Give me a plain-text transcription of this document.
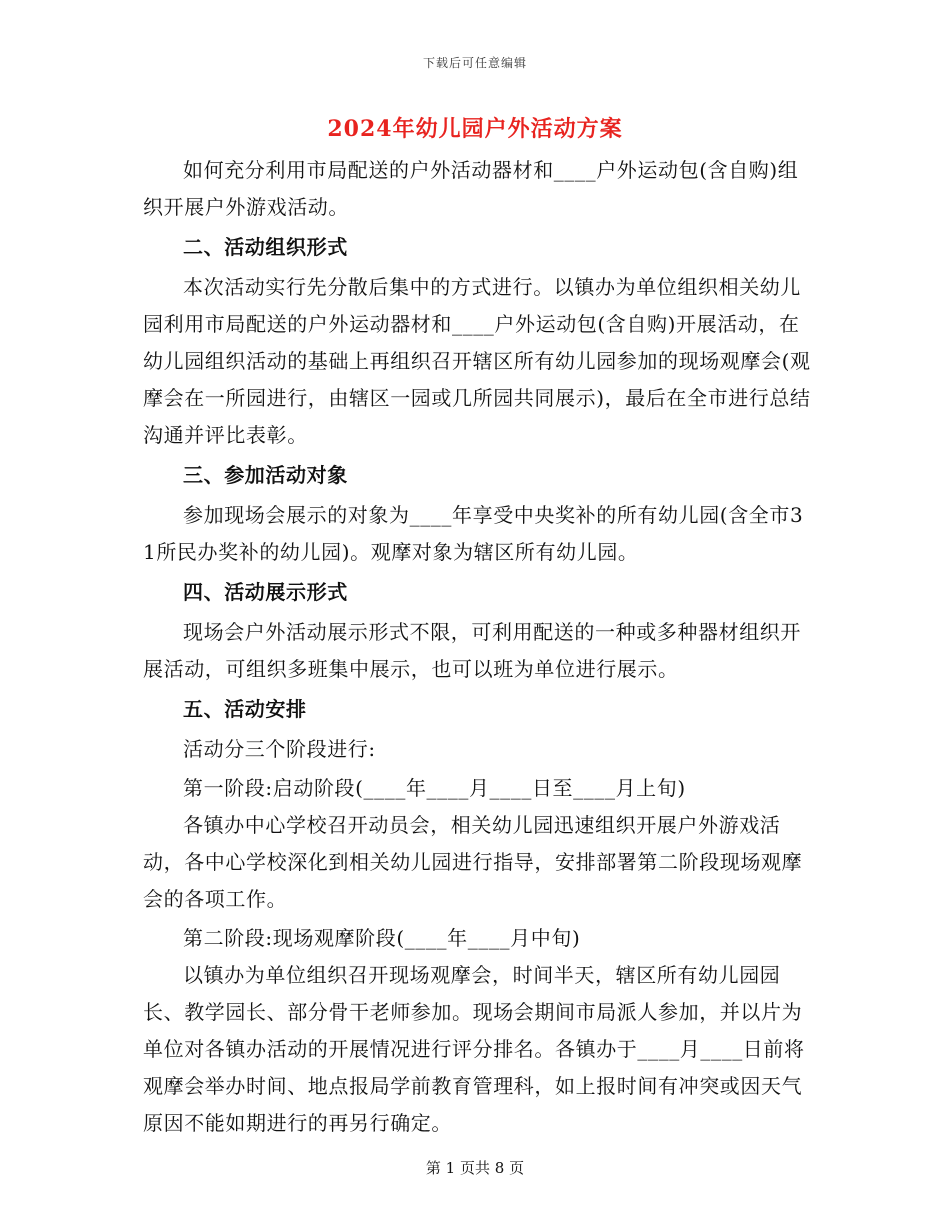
下载后可任意编辑
2024年幼儿园户外活动方案

如何充分利用市局配送的户外活动器材和____户外运动包(含自购)组织开展户外游戏活动。

二、活动组织形式

本次活动实行先分散后集中的方式进行。以镇办为单位组织相关幼儿园利用市局配送的户外运动器材和____户外运动包(含自购)开展活动，在幼儿园组织活动的基础上再组织召开辖区所有幼儿园参加的现场观摩会(观摩会在一所园进行，由辖区一园或几所园共同展示)，最后在全市进行总结沟通并评比表彰。

三、参加活动对象

参加现场会展示的对象为____年享受中央奖补的所有幼儿园(含全市31所民办奖补的幼儿园)。观摩对象为辖区所有幼儿园。

四、活动展示形式

现场会户外活动展示形式不限，可利用配送的一种或多种器材组织开展活动，可组织多班集中展示，也可以班为单位进行展示。

五、活动安排

活动分三个阶段进行:

第一阶段:启动阶段(____年____月____日至____月上旬)

各镇办中心学校召开动员会，相关幼儿园迅速组织开展户外游戏活动，各中心学校深化到相关幼儿园进行指导，安排部署第二阶段现场观摩会的各项工作。

第二阶段:现场观摩阶段(____年____月中旬)

以镇办为单位组织召开现场观摩会，时间半天，辖区所有幼儿园园长、教学园长、部分骨干老师参加。现场会期间市局派人参加，并以片为单位对各镇办活动的开展情况进行评分排名。各镇办于____月____日前将观摩会举办时间、地点报局学前教育管理科，如上报时间有冲突或因天气原因不能如期进行的再另行确定。

第 1 页共 8 页
